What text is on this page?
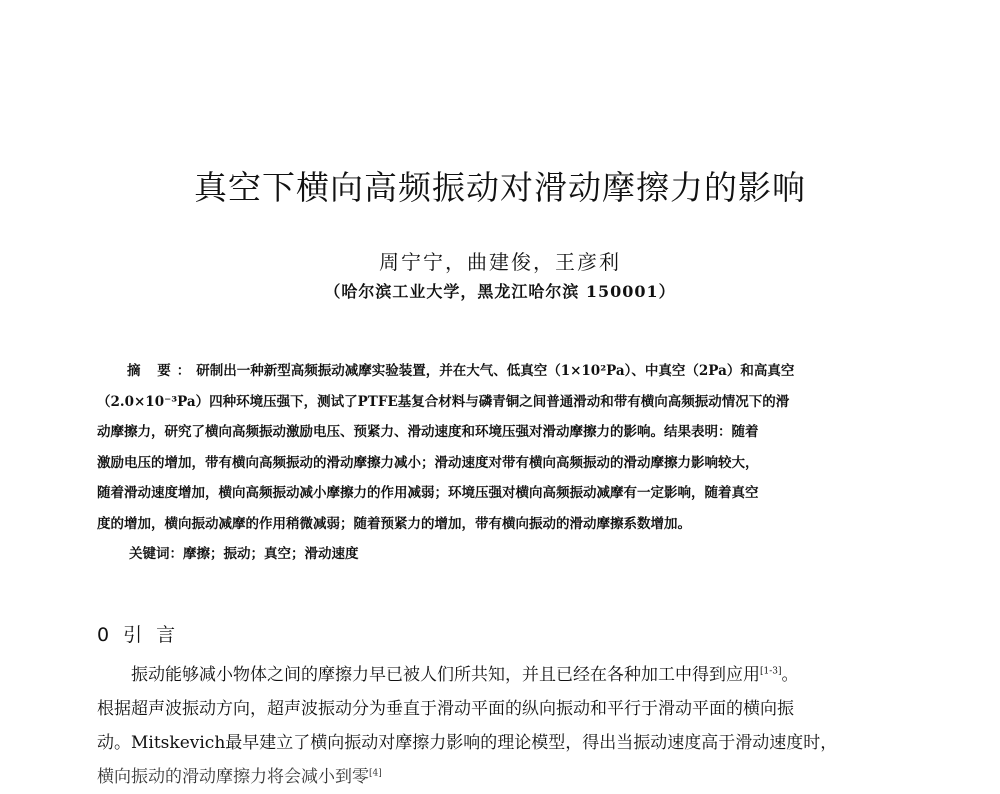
真空下横向高频振动对滑动摩擦力的影响
周宁宁，曲建俊，王彦利
（哈尔滨工业大学，黑龙江哈尔滨 150001）
摘 要：研制出一种新型高频振动减摩实验装置，并在大气、低真空（1×10²Pa）、中真空（2Pa）和高真空
（2.0×10⁻³Pa）四种环境压强下，测试了PTFE基复合材料与磷青铜之间普通滑动和带有横向高频振动情况下的滑
动摩擦力，研究了横向高频振动激励电压、预紧力、滑动速度和环境压强对滑动摩擦力的影响。结果表明：随着
激励电压的增加，带有横向高频振动的滑动摩擦力减小；滑动速度对带有横向高频振动的滑动摩擦力影响较大，
随着滑动速度增加，横向高频振动减小摩擦力的作用减弱；环境压强对横向高频振动减摩有一定影响，随着真空
度的增加，横向振动减摩的作用稍微减弱；随着预紧力的增加，带有横向振动的滑动摩擦系数增加。
关键词：摩擦；振动；真空；滑动速度
0 引 言
振动能够减小物体之间的摩擦力早已被人们所共知，并且已经在各种加工中得到应用[1-3]。
根据超声波振动方向，超声波振动分为垂直于滑动平面的纵向振动和平行于滑动平面的横向振
动。Mitskevich最早建立了横向振动对摩擦力影响的理论模型，得出当振动速度高于滑动速度时，
横向振动的滑动摩擦力将会减小到零[4]
